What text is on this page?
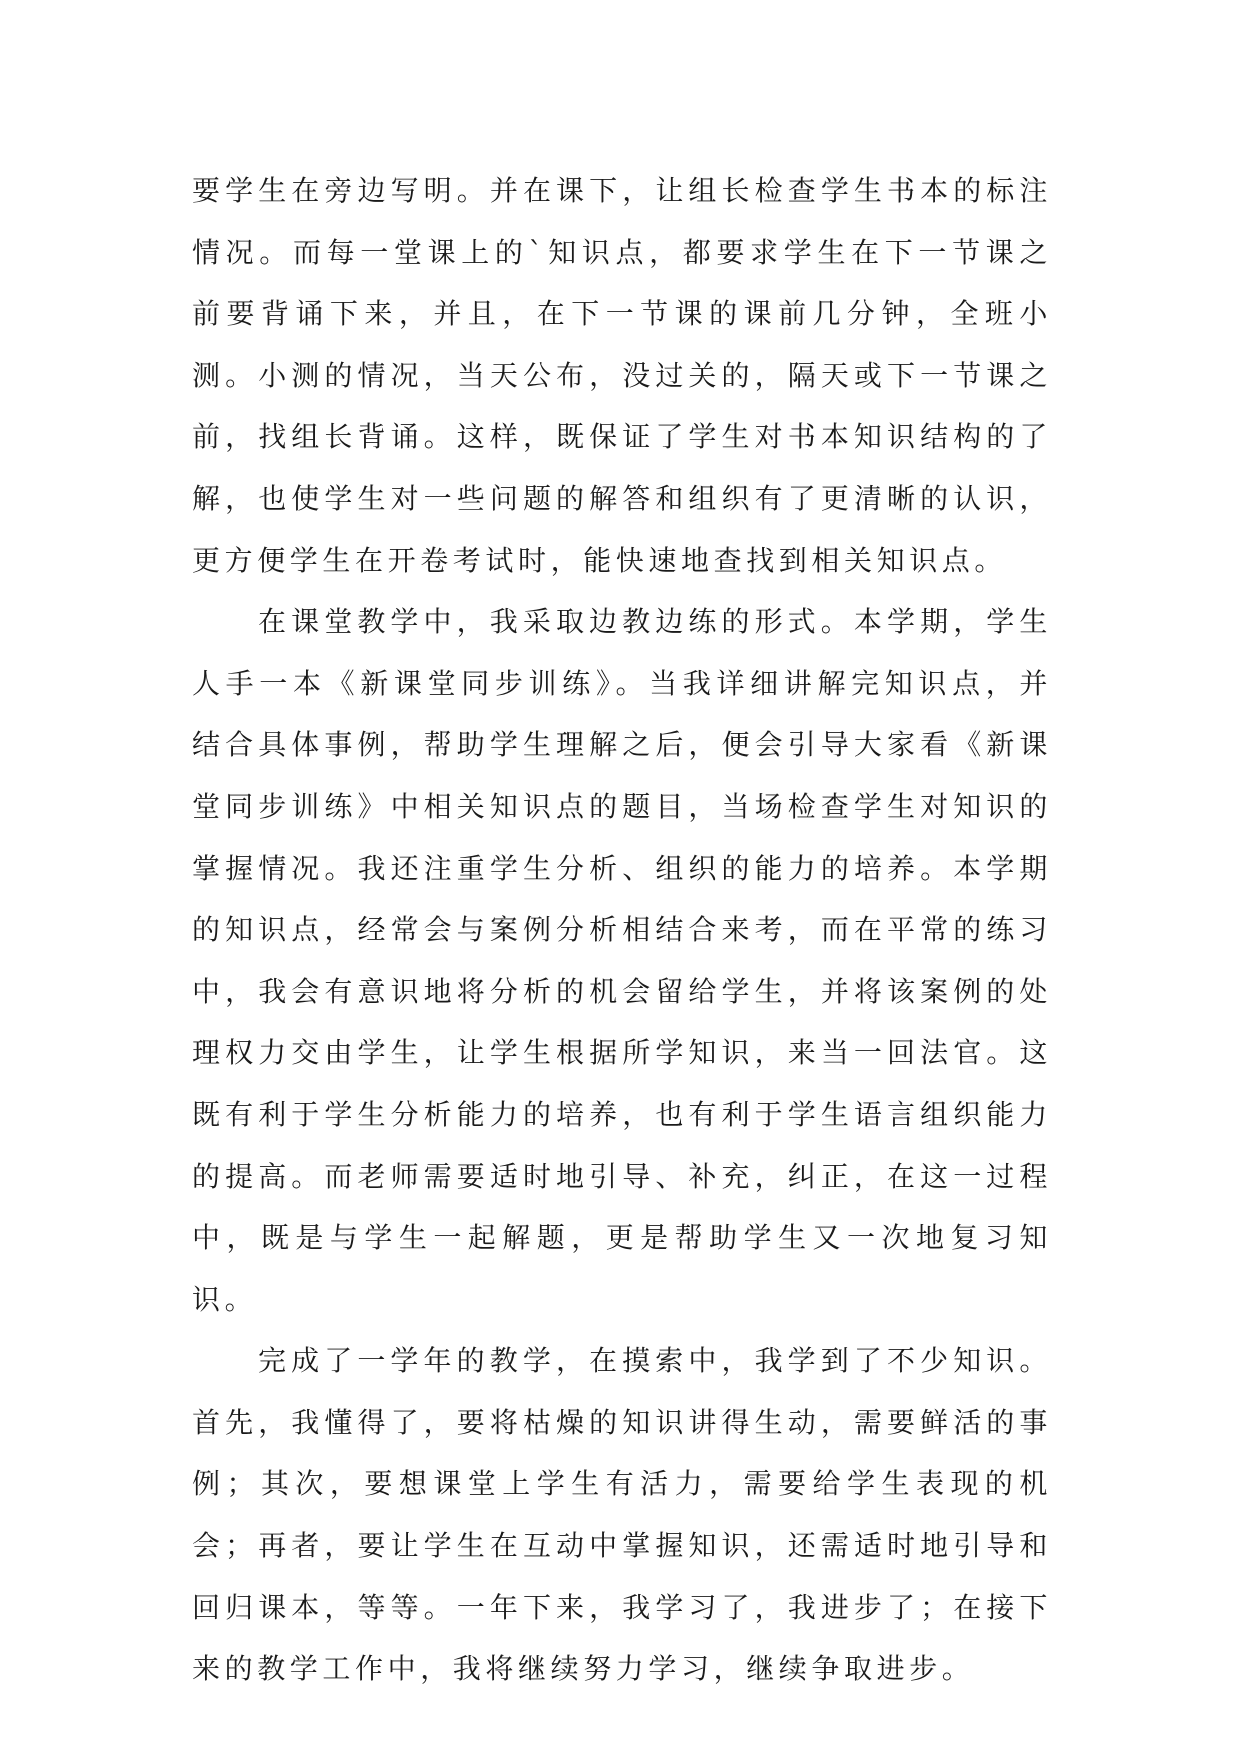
要学生在旁边写明。并在课下，让组长检查学生书本的标注情况。而每一堂课上的`知识点，都要求学生在下一节课之前要背诵下来，并且，在下一节课的课前几分钟，全班小测。小测的情况，当天公布，没过关的，隔天或下一节课之前，找组长背诵。这样，既保证了学生对书本知识结构的了解，也使学生对一些问题的解答和组织有了更清晰的认识，更方便学生在开卷考试时，能快速地查找到相关知识点。

在课堂教学中，我采取边教边练的形式。本学期，学生人手一本《新课堂同步训练》。当我详细讲解完知识点，并结合具体事例，帮助学生理解之后，便会引导大家看《新课堂同步训练》中相关知识点的题目，当场检查学生对知识的掌握情况。我还注重学生分析、组织的能力的培养。本学期的知识点，经常会与案例分析相结合来考，而在平常的练习中，我会有意识地将分析的机会留给学生，并将该案例的处理权力交由学生，让学生根据所学知识，来当一回法官。这既有利于学生分析能力的培养，也有利于学生语言组织能力的提高。而老师需要适时地引导、补充，纠正，在这一过程中，既是与学生一起解题，更是帮助学生又一次地复习知识。

完成了一学年的教学，在摸索中，我学到了不少知识。首先，我懂得了，要将枯燥的知识讲得生动，需要鲜活的事例；其次，要想课堂上学生有活力，需要给学生表现的机会；再者，要让学生在互动中掌握知识，还需适时地引导和回归课本，等等。一年下来，我学习了，我进步了；在接下来的教学工作中，我将继续努力学习，继续争取进步。
